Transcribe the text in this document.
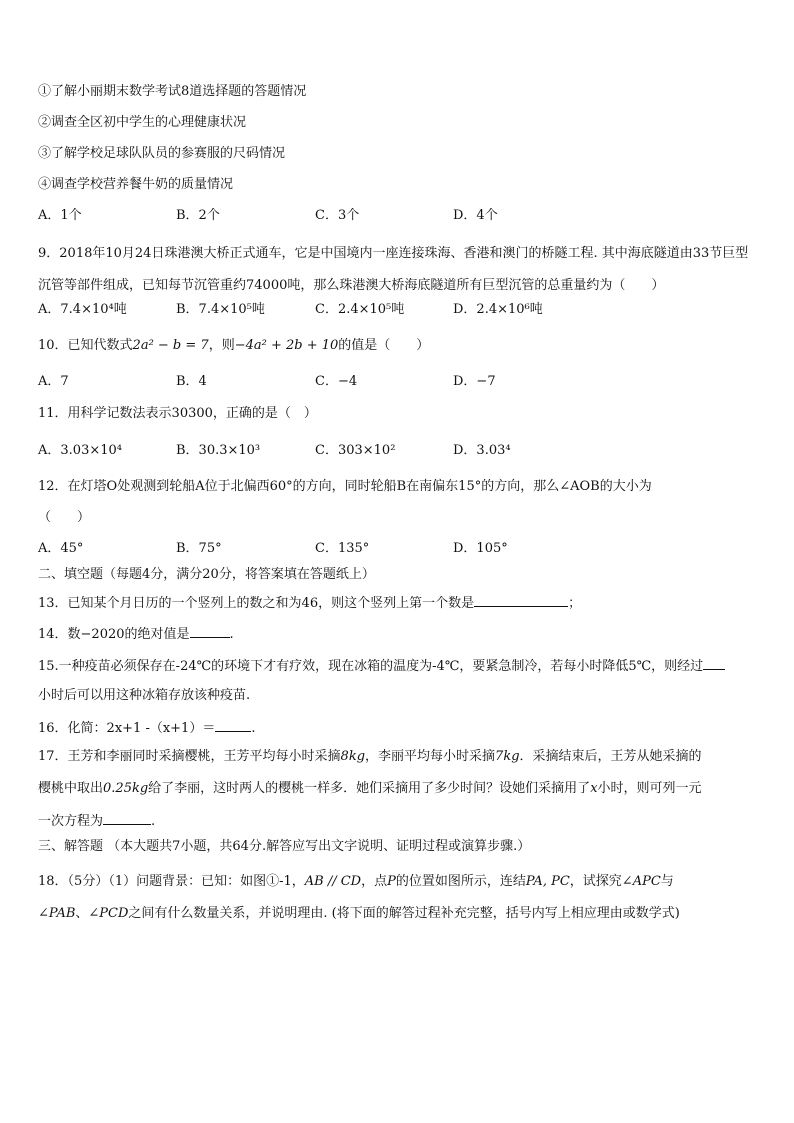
①了解小丽期末数学考试8道选择题的答题情况
②调查全区初中学生的心理健康状况
③了解学校足球队队员的参赛服的尺码情况
④调查学校营养餐牛奶的质量情况
A．1个	B．2个	C．3个	D．4个
9．2018年10月24日珠港澳大桥正式通车，它是中国境内一座连接珠海、香港和澳门的桥隧工程. 其中海底隧道由33节巨型沉管等部件组成，已知每节沉管重约74000吨，那么珠港澳大桥海底隧道所有巨型沉管的总重量约为（　　）
A．7.4×10⁴吨	B．7.4×10⁵吨	C．2.4×10⁵吨	D．2.4×10⁶吨
10．已知代数式2a² − b = 7，则−4a² + 2b + 10的值是（　　）
A．7	B．4	C．−4	D．−7
11．用科学记数法表示30300，正确的是（　）
A．3.03×10⁴	B．30.3×10³	C．303×10²	D．3.03⁴
12．在灯塔O处观测到轮船A位于北偏西60°的方向，同时轮船B在南偏东15°的方向，那么∠AOB的大小为
（　　）
A．45°	B．75°	C．135°	D．105°
二、填空题（每题4分，满分20分，将答案填在答题纸上）
13．已知某个月日历的一个竖列上的数之和为46，则这个竖列上第一个数是	；
14．数−2020的绝对值是	.
15.一种疫苗必须保存在-24℃的环境下才有疗效，现在冰箱的温度为-4℃，要紧急制冷，若每小时降低5℃，则经过
小时后可以用这种冰箱存放该种疫苗.
16．化简：2x+1 -（x+1）＝	.
17．王芳和李丽同时采摘樱桃，王芳平均每小时采摘8kg，李丽平均每小时采摘7kg．采摘结束后，王芳从她采摘的
樱桃中取出0.25kg给了李丽，这时两人的樱桃一样多．她们采摘用了多少时间？设她们采摘用了x小时，则可列一元
一次方程为	.
三、解答题 （本大题共7小题，共64分.解答应写出文字说明、证明过程或演算步骤.）
18．（5分）（1）问题背景：已知：如图①-1，AB // CD，点P的位置如图所示，连结PA, PC，试探究∠APC与
∠PAB、∠PCD之间有什么数量关系，并说明理由. (将下面的解答过程补充完整，括号内写上相应理由或数学式)
